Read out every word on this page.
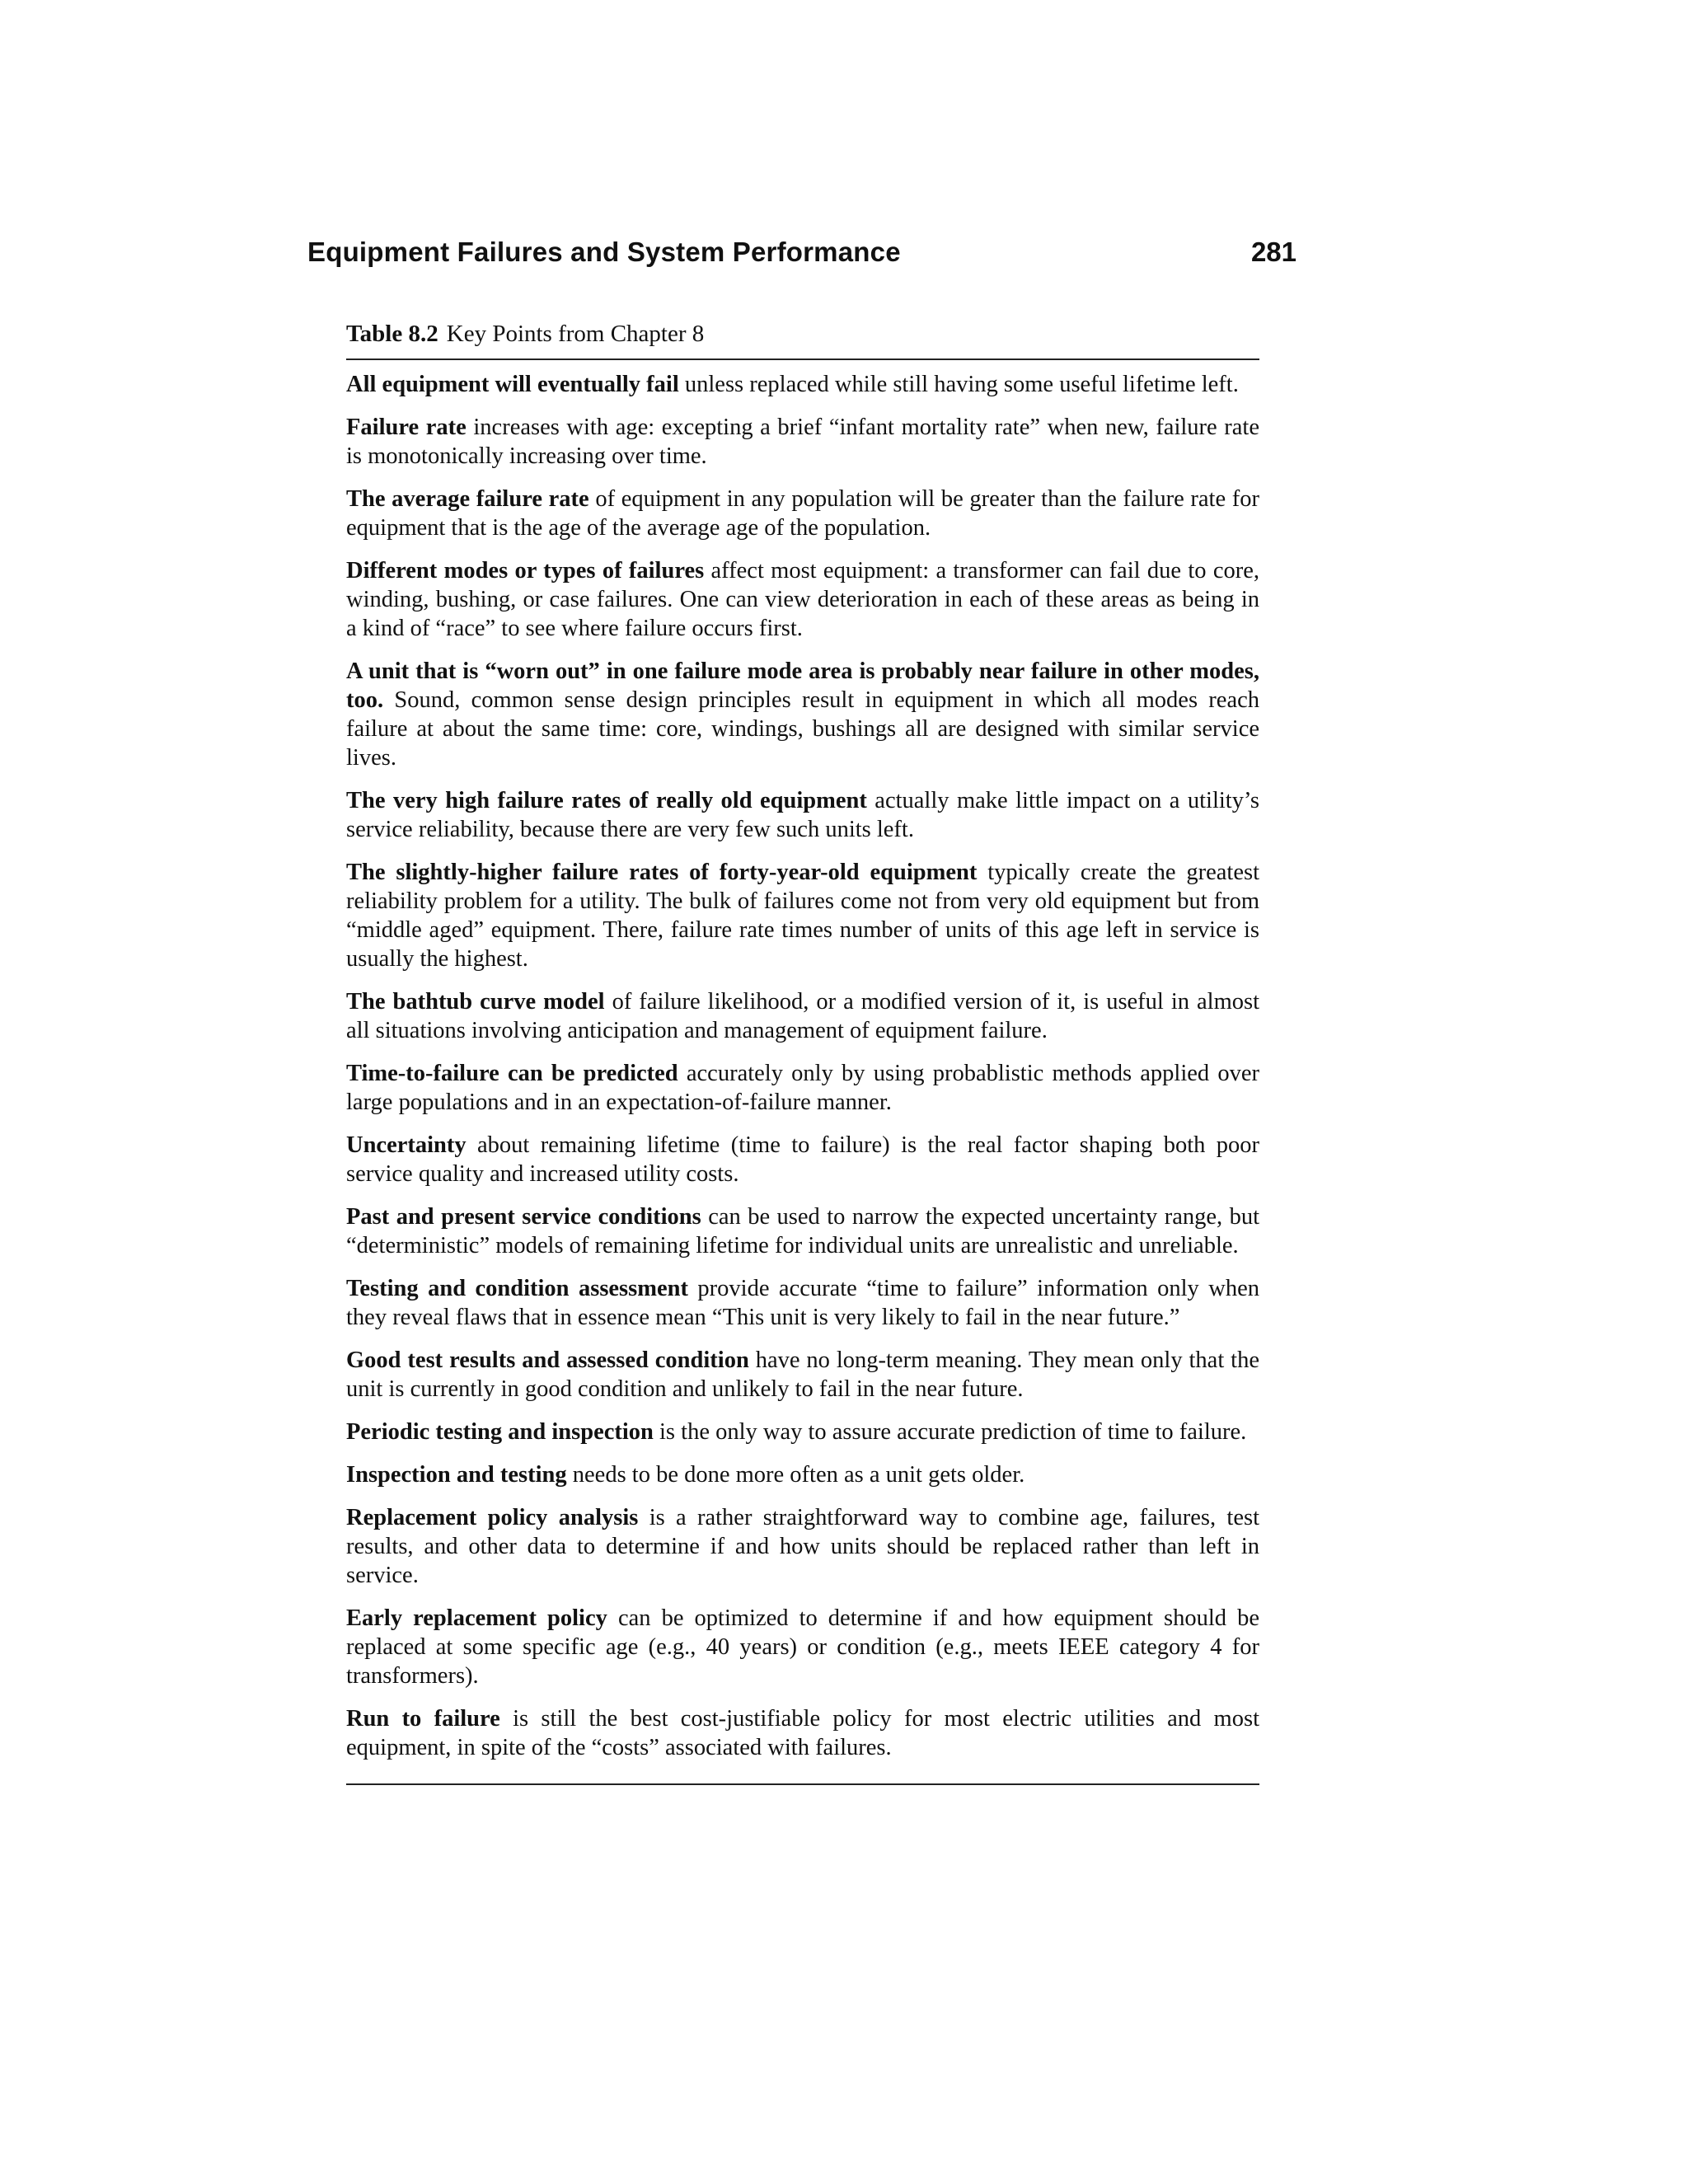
Equipment Failures and System Performance	281
Table 8.2 Key Points from Chapter 8
All equipment will eventually fail unless replaced while still having some useful lifetime left.
Failure rate increases with age: excepting a brief “infant mortality rate” when new, failure rate is monotonically increasing over time.
The average failure rate of equipment in any population will be greater than the failure rate for equipment that is the age of the average age of the population.
Different modes or types of failures affect most equipment: a transformer can fail due to core, winding, bushing, or case failures. One can view deterioration in each of these areas as being in a kind of “race” to see where failure occurs first.
A unit that is “worn out” in one failure mode area is probably near failure in other modes, too. Sound, common sense design principles result in equipment in which all modes reach failure at about the same time: core, windings, bushings all are designed with similar service lives.
The very high failure rates of really old equipment actually make little impact on a utility’s service reliability, because there are very few such units left.
The slightly-higher failure rates of forty-year-old equipment typically create the greatest reliability problem for a utility. The bulk of failures come not from very old equipment but from “middle aged” equipment. There, failure rate times number of units of this age left in service is usually the highest.
The bathtub curve model of failure likelihood, or a modified version of it, is useful in almost all situations involving anticipation and management of equipment failure.
Time-to-failure can be predicted accurately only by using probablistic methods applied over large populations and in an expectation-of-failure manner.
Uncertainty about remaining lifetime (time to failure) is the real factor shaping both poor service quality and increased utility costs.
Past and present service conditions can be used to narrow the expected uncertainty range, but “deterministic” models of remaining lifetime for individual units are unrealistic and unreliable.
Testing and condition assessment provide accurate “time to failure” information only when they reveal flaws that in essence mean “This unit is very likely to fail in the near future.”
Good test results and assessed condition have no long-term meaning. They mean only that the unit is currently in good condition and unlikely to fail in the near future.
Periodic testing and inspection is the only way to assure accurate prediction of time to failure.
Inspection and testing needs to be done more often as a unit gets older.
Replacement policy analysis is a rather straightforward way to combine age, failures, test results, and other data to determine if and how units should be replaced rather than left in service.
Early replacement policy can be optimized to determine if and how equipment should be replaced at some specific age (e.g., 40 years) or condition (e.g., meets IEEE category 4 for transformers).
Run to failure is still the best cost-justifiable policy for most electric utilities and most equipment, in spite of the “costs” associated with failures.
